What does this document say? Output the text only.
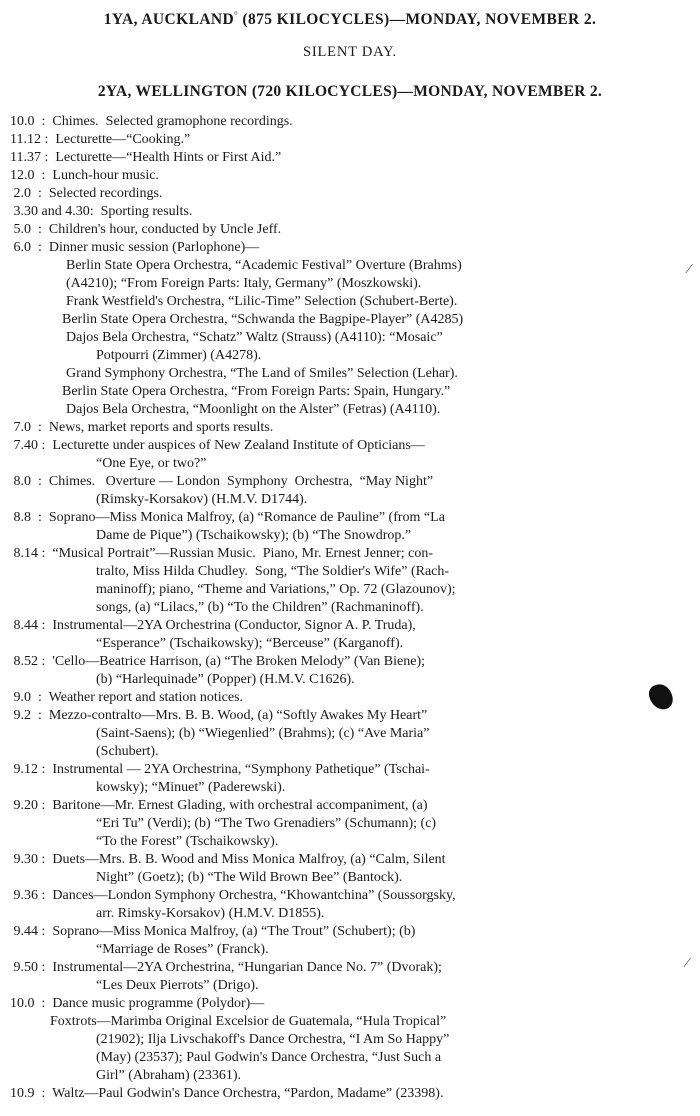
1YA, AUCKLAND° (875 KILOCYCLES)—MONDAY, NOVEMBER 2.
SILENT DAY.
2YA, WELLINGTON (720 KILOCYCLES)—MONDAY, NOVEMBER 2.
10.0  :  Chimes.  Selected gramophone recordings.
11.12 :  Lecturette—“Cooking.”
11.37 :  Lecturette—“Health Hints or First Aid.”
12.0  :  Lunch-hour music.
2.0  :  Selected recordings.
3.30 and 4.30:  Sporting results.
5.0  :  Children's hour, conducted by Uncle Jeff.
6.0  :  Dinner music session (Parlophone)—
Berlin State Opera Orchestra, “Academic Festival” Overture (Brahms)
(A4210); “From Foreign Parts: Italy, Germany” (Moszkowski).
Frank Westfield's Orchestra, “Lilic-Time” Selection (Schubert-Berte).
Berlin State Opera Orchestra, “Schwanda the Bagpipe-Player” (A4285)
Dajos Bela Orchestra, “Schatz” Waltz (Strauss) (A4110): “Mosaic”
Potpourri (Zimmer) (A4278).
Grand Symphony Orchestra, “The Land of Smiles” Selection (Lehar).
Berlin State Opera Orchestra, “From Foreign Parts: Spain, Hungary.”
Dajos Bela Orchestra, “Moonlight on the Alster” (Fetras) (A4110).
7.0  :  News, market reports and sports results.
7.40 :  Lecturette under auspices of New Zealand Institute of Opticians—
“One Eye, or two?”
8.0  :  Chimes.   Overture — London  Symphony  Orchestra,  “May Night”
(Rimsky-Korsakov) (H.M.V. D1744).
8.8  :  Soprano—Miss Monica Malfroy, (a) “Romance de Pauline” (from “La
Dame de Pique”) (Tschaikowsky); (b) “The Snowdrop.”
8.14 :  “Musical Portrait”—Russian Music.  Piano, Mr. Ernest Jenner; con-
tralto, Miss Hilda Chudley.  Song, “The Soldier's Wife” (Rach-
maninoff); piano, “Theme and Variations,” Op. 72 (Glazounov);
songs, (a) “Lilacs,” (b) “To the Children” (Rachmaninoff).
8.44 :  Instrumental—2YA Orchestrina (Conductor, Signor A. P. Truda),
“Esperance” (Tschaikowsky); “Berceuse” (Karganoff).
8.52 :  'Cello—Beatrice Harrison, (a) “The Broken Melody” (Van Biene);
(b) “Harlequinade” (Popper) (H.M.V. C1626).
9.0  :  Weather report and station notices.
9.2  :  Mezzo-contralto—Mrs. B. B. Wood, (a) “Softly Awakes My Heart”
(Saint-Saens); (b) “Wiegenlied” (Brahms); (c) “Ave Maria”
(Schubert).
9.12 :  Instrumental — 2YA Orchestrina, “Symphony Pathetique” (Tschai-
kowsky); “Minuet” (Paderewski).
9.20 :  Baritone—Mr. Ernest Glading, with orchestral accompaniment, (a)
“Eri Tu” (Verdi); (b) “The Two Grenadiers” (Schumann); (c)
“To the Forest” (Tschaikowsky).
9.30 :  Duets—Mrs. B. B. Wood and Miss Monica Malfroy, (a) “Calm, Silent
Night” (Goetz); (b) “The Wild Brown Bee” (Bantock).
9.36 :  Dances—London Symphony Orchestra, “Khowantchina” (Soussorgsky,
arr. Rimsky-Korsakov) (H.M.V. D1855).
9.44 :  Soprano—Miss Monica Malfroy, (a) “The Trout” (Schubert); (b)
“Marriage de Roses” (Franck).
9.50 :  Instrumental—2YA Orchestrina, “Hungarian Dance No. 7” (Dvorak);
“Les Deux Pierrots” (Drigo).
10.0  :  Dance music programme (Polydor)—
Foxtrots—Marimba Original Excelsior de Guatemala, “Hula Tropical”
(21902); Ilja Livschakoff's Dance Orchestra, “I Am So Happy”
(May) (23537); Paul Godwin's Dance Orchestra, “Just Such a
Girl” (Abraham) (23361).
10.9  :  Waltz—Paul Godwin's Dance Orchestra, “Pardon, Madame” (23398).
⁄
⁄
